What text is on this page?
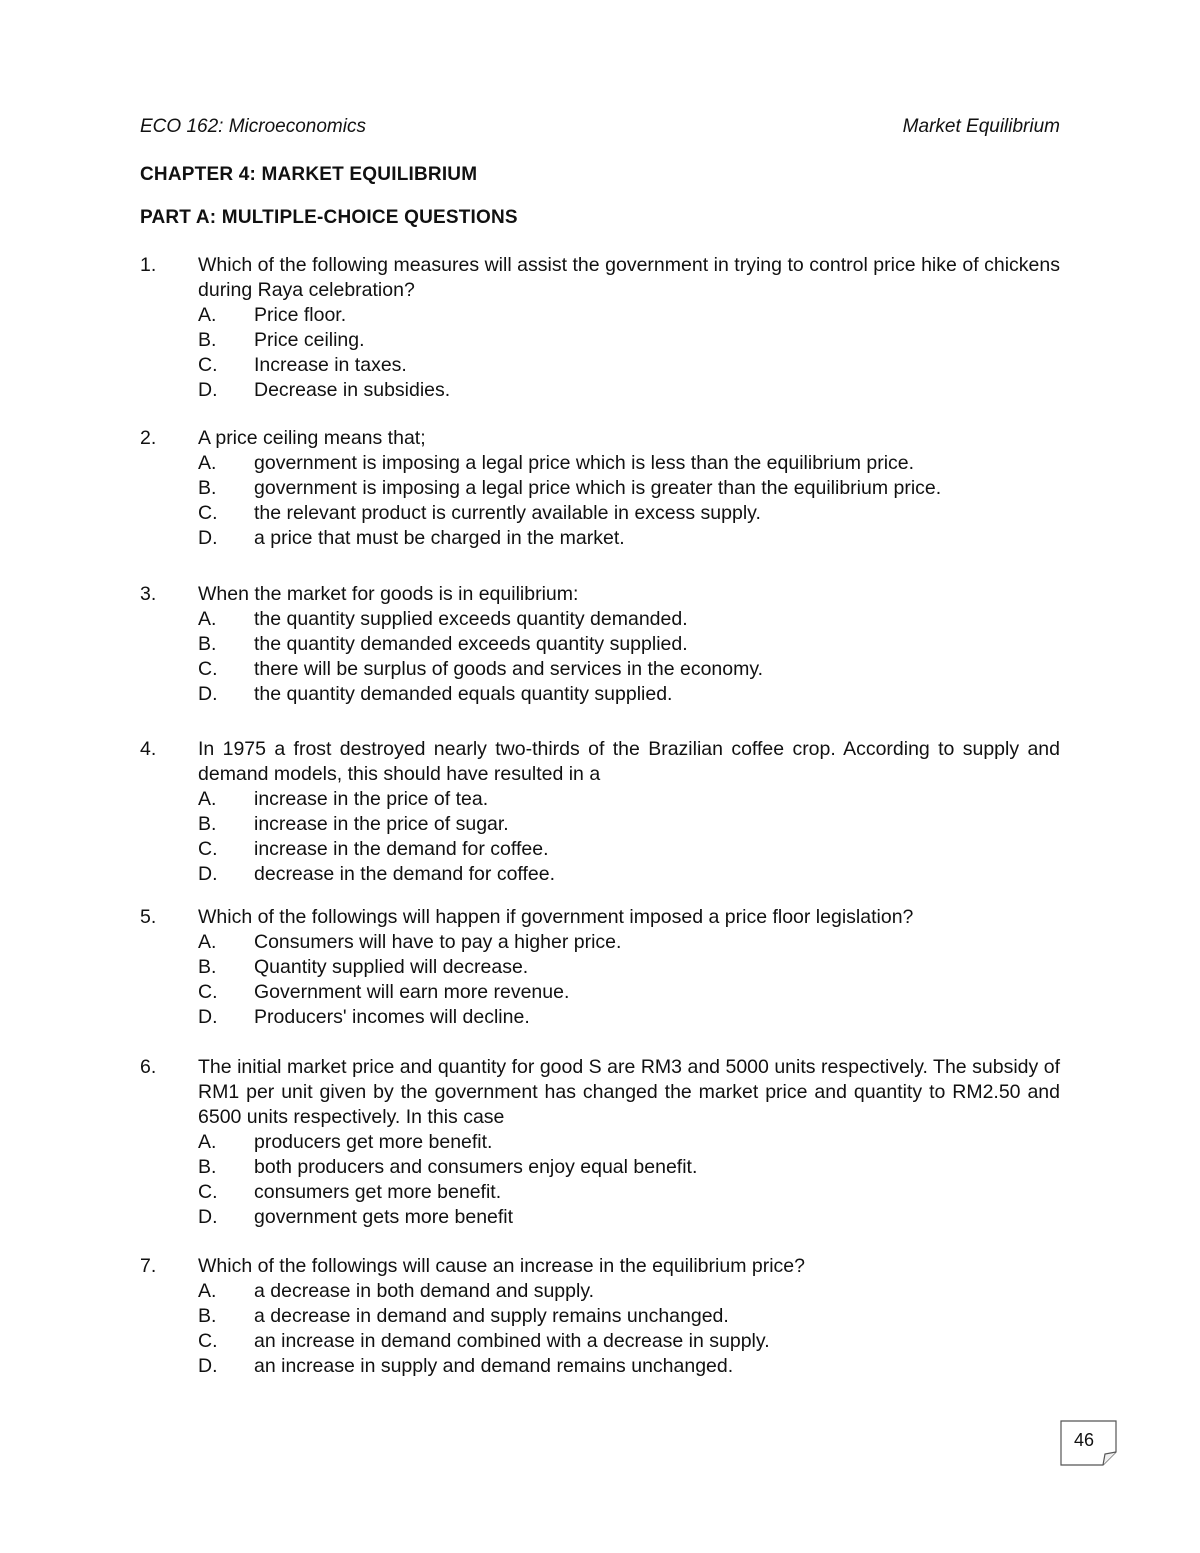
ECO 162: Microeconomics	Market Equilibrium
CHAPTER 4: MARKET EQUILIBRIUM
PART A: MULTIPLE-CHOICE QUESTIONS
1.	Which of the following measures will assist the government in trying to control price hike of chickens during Raya celebration?
A.	Price floor.
B.	Price ceiling.
C.	Increase in taxes.
D.	Decrease in subsidies.
2.	A price ceiling means that;
A.	government is imposing a legal price which is less than the equilibrium price.
B.	government is imposing a legal price which is greater than the equilibrium price.
C.	the relevant product is currently available in excess supply.
D.	a price that must be charged in the market.
3.	When the market for goods is in equilibrium:
A.	the quantity supplied exceeds quantity demanded.
B.	the quantity demanded exceeds quantity supplied.
C.	there will be surplus of goods and services in the economy.
D.	the quantity demanded equals quantity supplied.
4.	In 1975 a frost destroyed nearly two-thirds of the Brazilian coffee crop. According to supply and demand models, this should have resulted in a
A.	increase in the price of tea.
B.	increase in the price of sugar.
C.	increase in the demand for coffee.
D.	decrease in the demand for coffee.
5.	Which of the followings will happen if government imposed a price floor legislation?
A.	Consumers will have to pay a higher price.
B.	Quantity supplied will decrease.
C.	Government will earn more revenue.
D.	Producers' incomes will decline.
6.	The initial market price and quantity for good S are RM3 and 5000 units respectively. The subsidy of RM1 per unit given by the government has changed the market price and quantity to RM2.50 and 6500 units respectively. In this case
A.	producers get more benefit.
B.	both producers and consumers enjoy equal benefit.
C.	consumers get more benefit.
D.	government gets more benefit
7.	Which of the followings will cause an increase in the equilibrium price?
A.	a decrease in both demand and supply.
B.	a decrease in demand and supply remains unchanged.
C.	an increase in demand combined with a decrease in supply.
D.	an increase in supply and demand remains unchanged.
46
